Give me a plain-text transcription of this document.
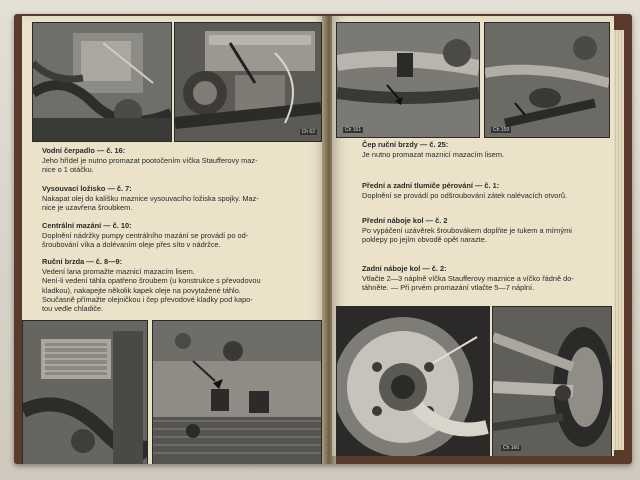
Ch 62
Vodní čerpadlo — č. 16:
Jeho hřídel je nutno promazat pootočením víčka Staufferovy maz-
nice o 1 otáčku.
Vysouvací ložisko — č. 7:
Nakapat olej do kalíšku maznice vysouvacího ložiska spojky. Maz-
nice je uzavřena šroubkem.
Centrální mazání — č. 10:
Doplnění nádržky pumpy centrálního mazání se provádí po od-
šroubování víka a dolévaním oleje přes síto v nádržce.
Ruční brzda — č. 8—9:
Vedení lana promažte maznicí mazacím lisem.
Není-li vedení táhla opatřeno šroubem (u konstrukce s převodovou
kladkou), nakapejte několik kapek oleje na povytažené táhlo.
Současně přímažte olejničkou i čep převodové kladky pod kapo-
tou vedle chladiče.
Ch 161	Ch 159
Čep ruční brzdy — č. 25:
Je nutno promazat maznicí mazacím lisem.
Přední a zadní tlumiče pérování — č. 1:
Doplnění se provádí po odšroubování zátek nalévacích otvorů.
Přední náboje kol — č. 2
Po vypáčení uzávěrek šroubovákem doplňte je tukem a mírnými
poklepy po jejím obvodě opět narazte.
Zadní náboje kol — č. 2:
Vtlačte 2—3 náplně víčka Staufferovy maznice a víčko řádně do-
táhněte. — Při prvém promazání vtlačte 5—7 náplní.
Ch 160
